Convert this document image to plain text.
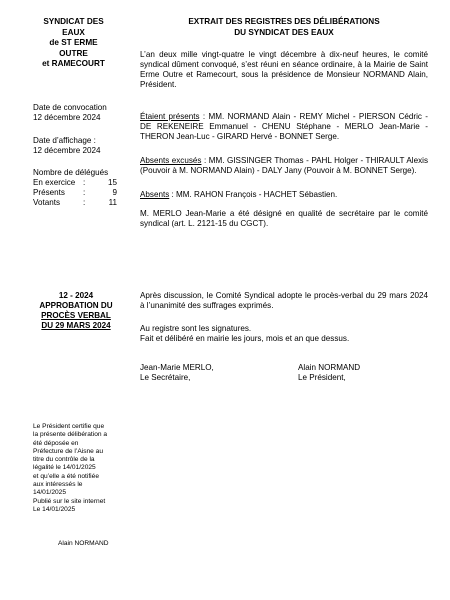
SYNDICAT DES
EAUX
de ST ERME
OUTRE
et RAMECOURT
EXTRAIT DES REGISTRES DES DÉLIBÉRATIONS
DU SYNDICAT DES EAUX
L’an deux mille vingt-quatre le vingt décembre à dix-neuf heures, le comité syndical dûment convoqué, s’est réuni en séance ordinaire, à la Mairie de Saint Erme Outre et Ramecourt, sous la présidence de Monsieur NORMAND Alain, Président.
Date de convocation
12 décembre 2024
Date d’affichage :
12 décembre 2024
Nombre de délégués
En exercice :	15
Présents	:	9
Votants	:	11
Étaient présents : MM. NORMAND Alain - REMY Michel - PIERSON Cédric - DE REKENEIRE Emmanuel - CHENU Stéphane - MERLO Jean-Marie - THERON Jean-Luc - GIRARD Hervé - BONNET Serge.
Absents excusés : MM. GISSINGER Thomas - PAHL Holger - THIRAULT Alexis (Pouvoir à M. NORMAND Alain) - DALY Jany (Pouvoir à M. BONNET Serge).
Absents : MM. RAHON François - HACHET Sébastien.
M. MERLO Jean-Marie a été désigné en qualité de secrétaire par le comité syndical (art. L. 2121-15 du CGCT).
12 - 2024
APPROBATION DU
PROCÈS VERBAL
DU 29 MARS 2024
Après discussion, le Comité Syndical adopte le procès-verbal du 29 mars 2024 à l’unanimité des suffrages exprimés.
Au registre sont les signatures.
Fait et délibéré en mairie les jours, mois et an que dessus.
Jean-Marie MERLO,
Le Secrétaire,
Alain NORMAND
Le Président,
Le Président certifie que
la présente délibération a
été déposée en
Préfecture de l’Aisne au
titre du contrôle de la
légalité le 14/01/2025
et qu’elle a été notifiée
aux intéressés le
14/01/2025
Publié sur le site internet
Le 14/01/2025
Alain NORMAND
